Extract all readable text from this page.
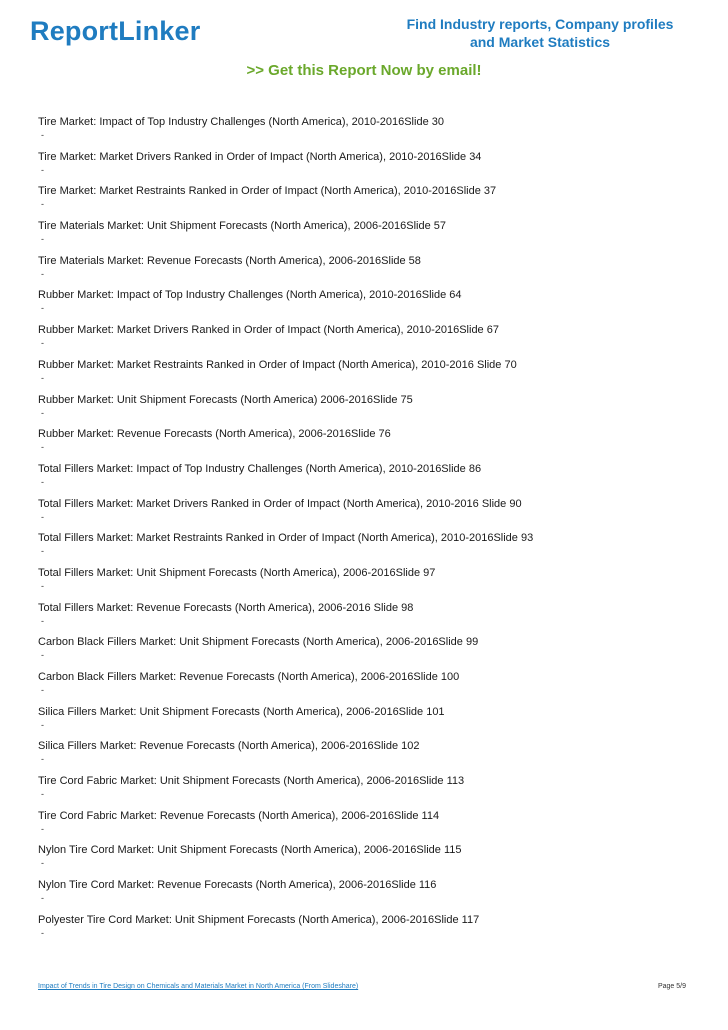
ReportLinker	Find Industry reports, Company profiles
and Market Statistics
>> Get this Report Now by email!
Tire Market: Impact of Top Industry Challenges (North America), 2010-2016Slide 30
-
Tire Market: Market Drivers Ranked in Order of Impact (North America), 2010-2016Slide 34
-
Tire Market: Market Restraints Ranked in Order of Impact (North America), 2010-2016Slide 37
-
Tire Materials Market: Unit Shipment Forecasts (North America), 2006-2016Slide 57
-
Tire Materials Market: Revenue Forecasts (North America), 2006-2016Slide 58
-
Rubber Market: Impact of Top Industry Challenges (North America), 2010-2016Slide 64
-
Rubber Market: Market Drivers Ranked in Order of Impact (North America), 2010-2016Slide 67
-
Rubber Market: Market Restraints Ranked in Order of Impact (North America), 2010-2016 Slide 70
-
Rubber Market: Unit Shipment Forecasts (North America) 2006-2016Slide 75
-
Rubber Market: Revenue Forecasts (North America), 2006-2016Slide 76
-
Total Fillers Market: Impact of Top Industry Challenges (North America), 2010-2016Slide 86
-
Total Fillers Market: Market Drivers Ranked in Order of Impact (North America), 2010-2016 Slide 90
-
Total Fillers Market: Market Restraints Ranked in Order of Impact (North America), 2010-2016Slide 93
-
Total Fillers Market: Unit Shipment Forecasts (North America), 2006-2016Slide 97
-
Total Fillers Market: Revenue Forecasts (North America), 2006-2016 Slide 98
-
Carbon Black Fillers Market: Unit Shipment Forecasts (North America), 2006-2016Slide 99
-
Carbon Black Fillers Market: Revenue Forecasts (North America), 2006-2016Slide 100
-
Silica Fillers Market: Unit Shipment Forecasts (North America), 2006-2016Slide 101
-
Silica Fillers Market: Revenue Forecasts (North America), 2006-2016Slide 102
-
Tire Cord Fabric Market: Unit Shipment Forecasts (North America), 2006-2016Slide 113
-
Tire Cord Fabric Market: Revenue Forecasts (North America), 2006-2016Slide 114
-
Nylon Tire Cord Market: Unit Shipment Forecasts (North America), 2006-2016Slide 115
-
Nylon Tire Cord Market: Revenue Forecasts (North America), 2006-2016Slide 116
-
Polyester Tire Cord Market: Unit Shipment Forecasts (North America), 2006-2016Slide 117
-
Impact of Trends in Tire Design on Chemicals and Materials Market in North America (From Slideshare)	Page 5/9
